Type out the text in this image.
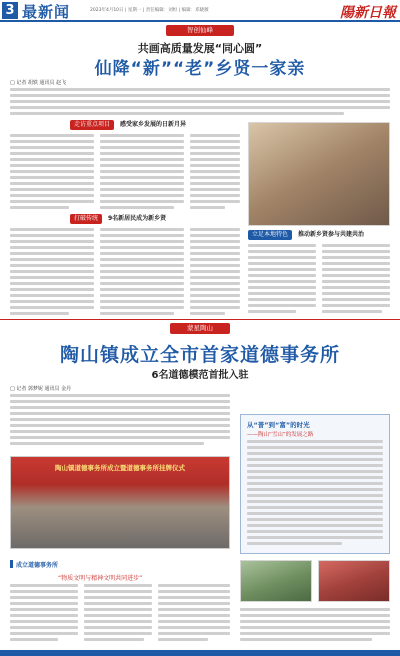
3 最新闻	2023年4月10日 | 星期一 | 责任编辑：刘恒 | 编辑：邓晓薇	陽新日報
智创仙峰
共画高质量发展“同心圆”
仙降“新”“老”乡贤一家亲
□ 记者 胡轶 通讯员 赵飞
走访重点项目 感受家乡发展的日新月异
打破传统 9名新居民成为新乡贤
立足本地特色 推动新乡贤参与共建共治
蒙星陶山
陶山镇成立全市首家道德事务所
6名道德模范首批入驻
□ 记者 郭梦妮 通讯员 金丹
陶山镇道德事务所成立暨道德事务所挂牌仪式
从“普”到“富”的时光
——陶山“雪山”的发展之路
成立道德事务所
“物质文明与精神文明共同进步”
